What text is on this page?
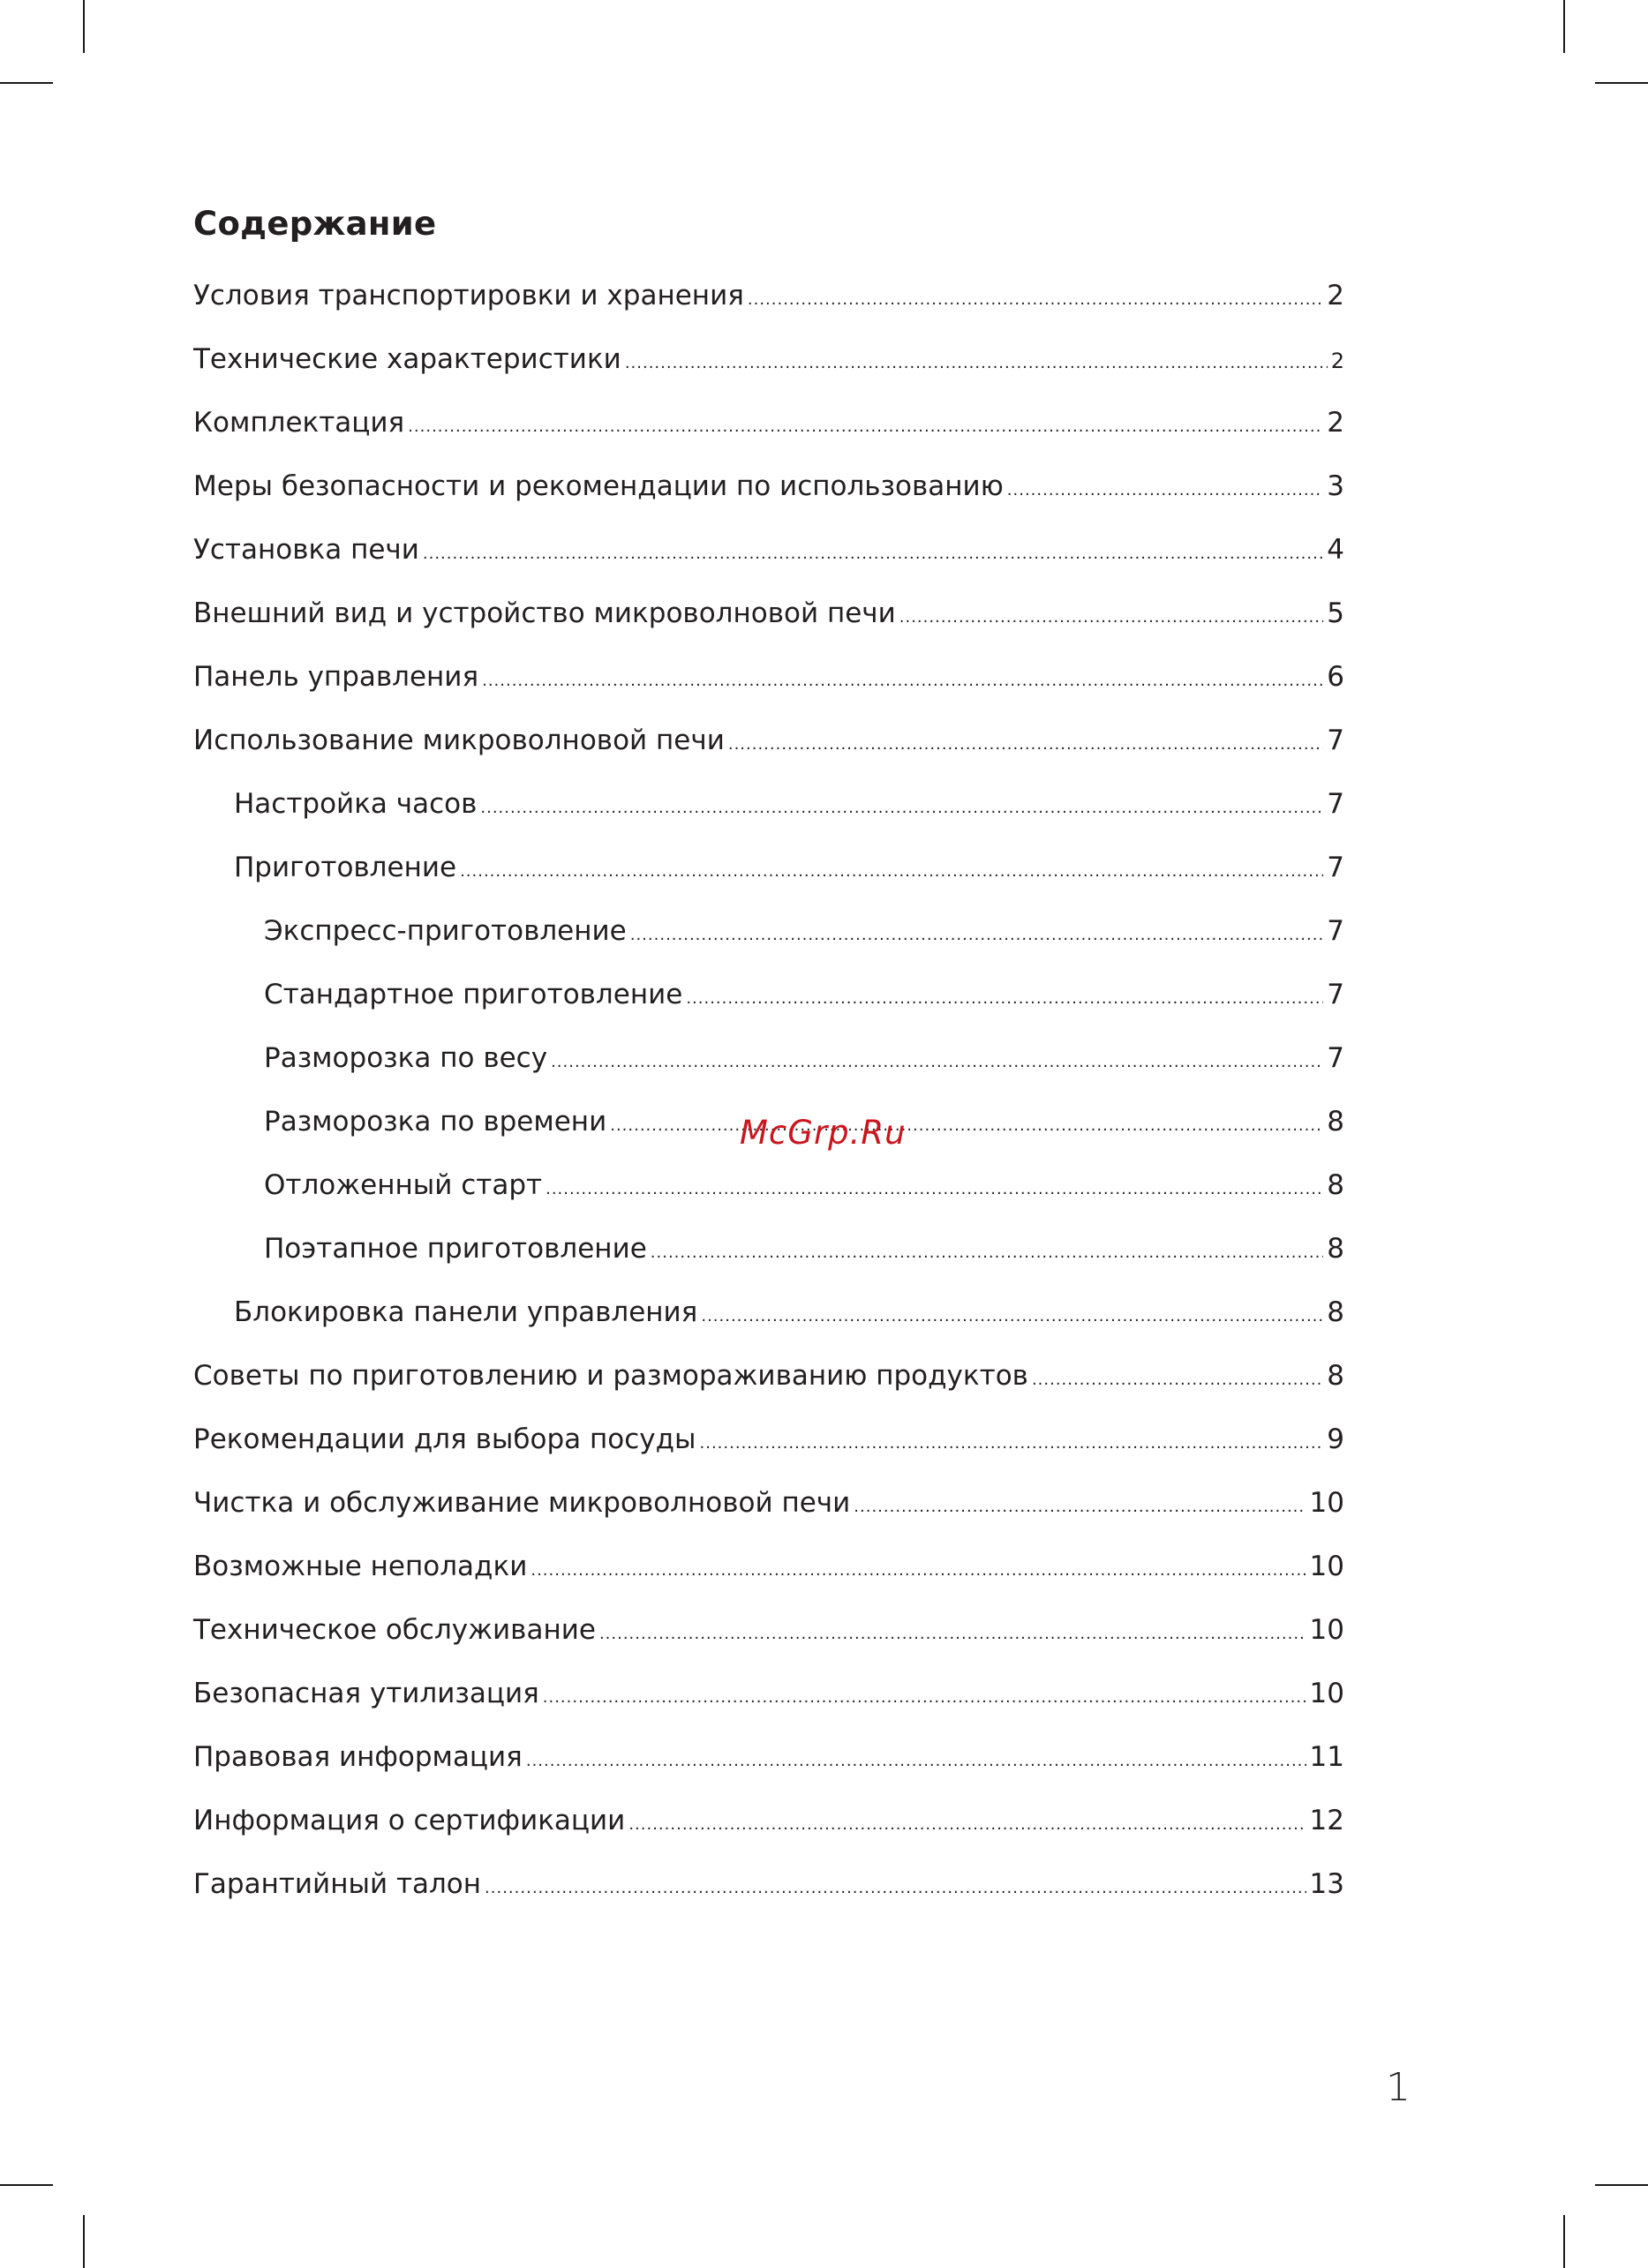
Содержание
Условия транспортировки и хранения .....	2
Технические характеристики .....	2
Комплектация .....	2
Меры безопасности и рекомендации по использованию .....	3
Установка печи .....	4
Внешний вид и устройство микроволновой печи .....	5
Панель управления .....	6
Использование микроволновой печи .....	7
Настройка часов .....	7
Приготовление .....	7
Экспресс-приготовление .....	7
Стандартное приготовление .....	7
Разморозка по весу .....	7
Разморозка по времени .....	8
Отложенный старт .....	8
Поэтапное приготовление .....	8
Блокировка панели управления .....	8
Советы по приготовлению и размораживанию продуктов .....	8
Рекомендации для выбора посуды .....	9
Чистка и обслуживание микроволновой печи .....	10
Возможные неполадки .....	10
Техническое обслуживание .....	10
Безопасная утилизация .....	10
Правовая информация .....	11
Информация о сертификации .....	12
Гарантийный талон .....	13
McGrp.Ru
1
